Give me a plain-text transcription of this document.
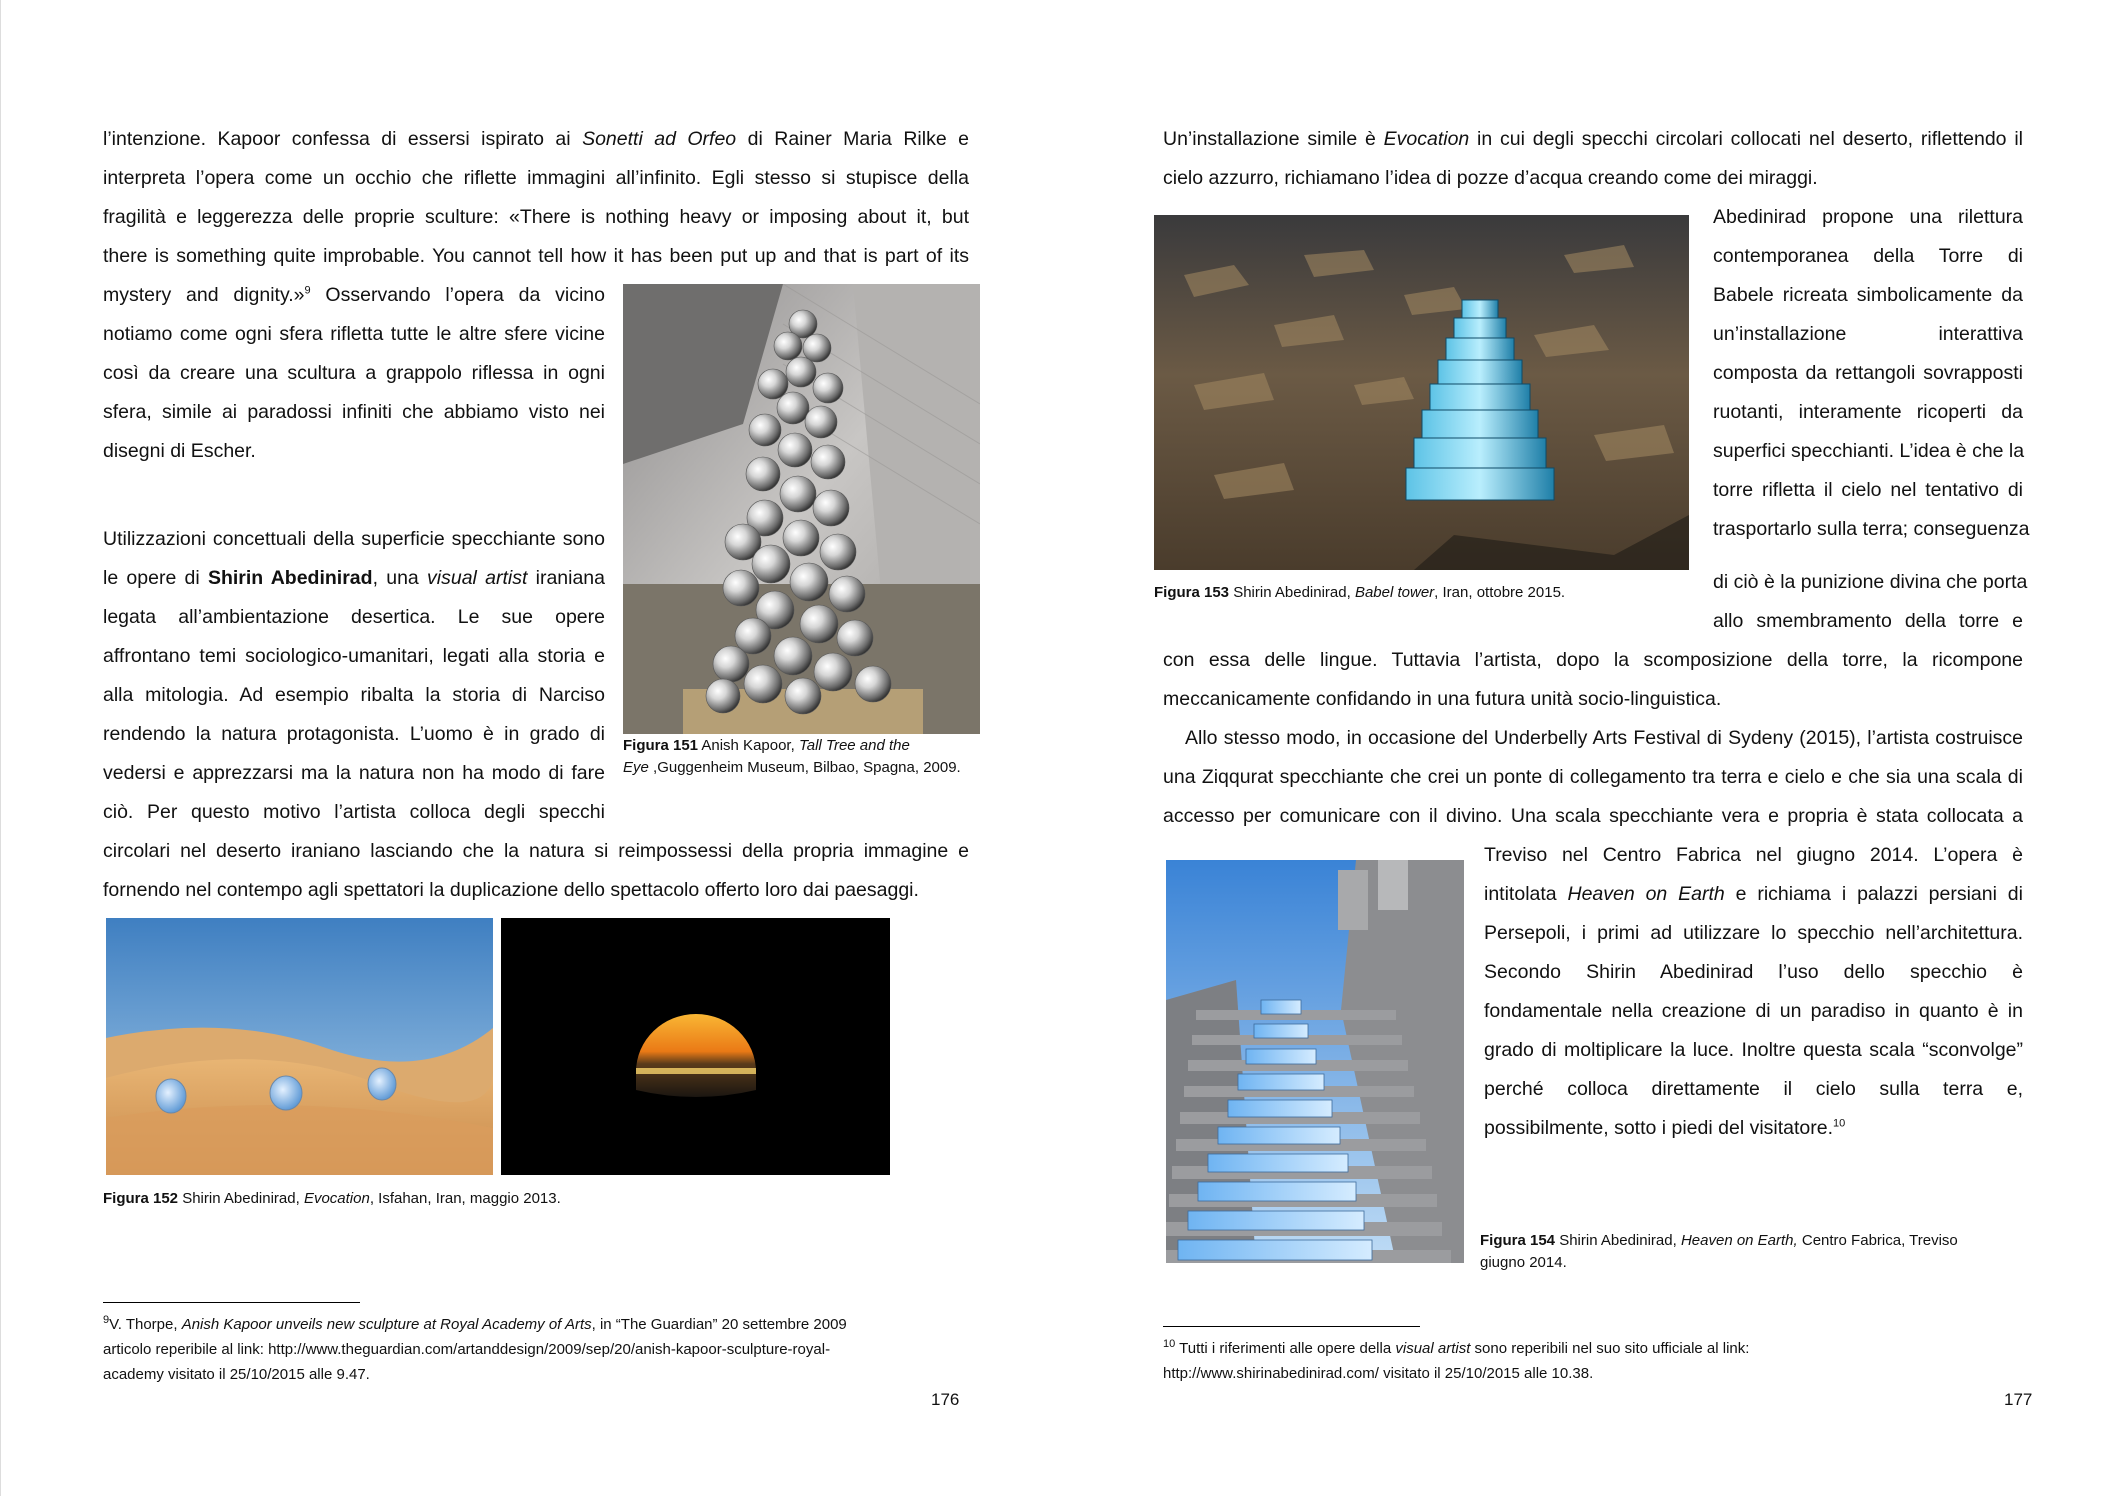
l’intenzione. Kapoor confessa di essersi ispirato ai Sonetti ad Orfeo di Rainer Maria Rilke e

interpreta l’opera come un occhio che riflette immagini all’infinito. Egli stesso si stupisce della

fragilità e leggerezza delle proprie sculture: «There is nothing heavy or imposing about it, but

there is something quite improbable. You cannot tell how it has been put up and that is part of its

mystery and dignity.»$^9$ Osservando l’opera da vicino

notiamo come ogni sfera rifletta tutte le altre sfere vicine

così da creare una scultura a grappolo riflessa in ogni

sfera, simile ai paradossi infiniti che abbiamo visto nei

disegni di Escher.

Utilizzazioni concettuali della superficie specchiante sono

le opere di Shirin Abedinirad, una visual artist iraniana

legata all’ambientazione desertica. Le sue opere

affrontano temi sociologico-umanitari, legati alla storia e

alla mitologia. Ad esempio ribalta la storia di Narciso

rendendo la natura protagonista. L’uomo è in grado di

vedersi e apprezzarsi ma la natura non ha modo di fare

ciò. Per questo motivo l’artista colloca degli specchi

circolari nel deserto iraniano lasciando che la natura si reimpossessi della propria immagine e

fornendo nel contempo agli spettatori la duplicazione dello spettacolo offerto loro dai paesaggi.

Figura 151 Anish Kapoor, Tall Tree and the
Eye ,Guggenheim Museum, Bilbao, Spagna, 2009.

Figura 152 Shirin Abedinirad, Evocation, Isfahan, Iran, maggio 2013.

$^9$V. Thorpe, Anish Kapoor unveils new sculpture at Royal Academy of Arts, in “The Guardian” 20 settembre 2009
articolo reperibile al link: http://www.theguardian.com/artanddesign/2009/sep/20/anish-kapoor-sculpture-royal-
academy visitato il 25/10/2015 alle 9.47.

176

Un’installazione simile è Evocation in cui degli specchi circolari collocati nel deserto, riflettendo il

cielo azzurro, richiamano l’idea di pozze d’acqua creando come dei miraggi.

Figura 153 Shirin Abedinirad, Babel tower, Iran, ottobre 2015.

Abedinirad propone una rilettura

contemporanea della Torre di

Babele ricreata simbolicamente da

un’installazione interattiva

composta da rettangoli sovrapposti

ruotanti, interamente ricoperti da

superfici specchianti. L’idea è che la

torre rifletta il cielo nel tentativo di

trasportarlo sulla terra; conseguenza

di ciò è la punizione divina che porta

allo smembramento della torre e

con essa delle lingue. Tuttavia l’artista, dopo la scomposizione della torre, la ricompone

meccanicamente confidando in una futura unità socio-linguistica.

Allo stesso modo, in occasione del Underbelly Arts Festival di Sydeny (2015), l’artista costruisce

una Ziqqurat specchiante che crei un ponte di collegamento tra terra e cielo e che sia una scala di

accesso per comunicare con il divino. Una scala specchiante vera e propria è stata collocata a

Treviso nel Centro Fabrica nel giugno 2014. L’opera è

intitolata Heaven on Earth e richiama i palazzi persiani di

Persepoli, i primi ad utilizzare lo specchio nell’architettura.

Secondo Shirin Abedinirad l’uso dello specchio è

fondamentale nella creazione di un paradiso in quanto è in

grado di moltiplicare la luce. Inoltre questa scala “sconvolge”

perché colloca direttamente il cielo sulla terra e,

possibilmente, sotto i piedi del visitatore.$^{10}$

Figura 154 Shirin Abedinirad, Heaven on Earth, Centro Fabrica, Treviso
giugno 2014.

$^{10}$ Tutti i riferimenti alle opere della visual artist sono reperibili nel suo sito ufficiale al link:
http://www.shirinabedinirad.com/ visitato il 25/10/2015 alle 10.38.

177
